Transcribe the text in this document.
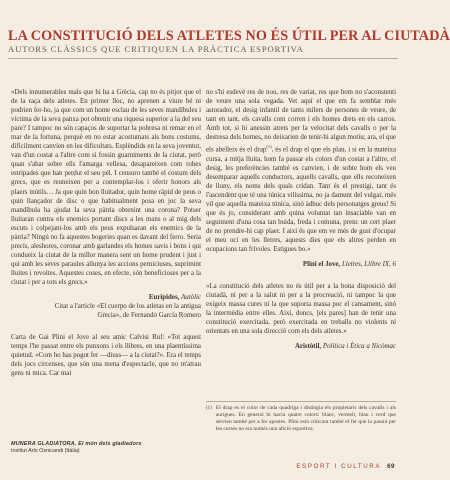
LA CONSTITUCIÓ DELS ATLETES NO ÉS ÚTIL PER AL CIUTADÀ
AUTORS CLÀSSICS QUE CRITIQUEN LA PRÀCTICA ESPORTIVA

«Dels innumerables mals que hi ha a Grècia, cap no és pitjor que el de la raça dels atletes. En primer lloc, no aprenen a viure bé ni podrien fer-ho, ja que com un home esclau de les seves mandíbules i víctima de la seva panxa pot obtenir una riquesa superior a la del seu pare? I tampoc no són capaços de suportar la pobresa ni remar en el mar de la fortuna, perquè en no estar acostumats als bons costums, difícilment canvien en les dificultats. Esplèndids en la seva joventut, van d'un costat a l'altre com si fossin guarniments de la ciutat, però quan s'abat sobre ells l'amarga vellesa, desapareixen com robes estripades que han perdut el seu pèl. I censuro també el costum dels grecs, que es reuneixen per a contemplar-los i oferir honors als plaers inútils… Ja que quin bon lluitador, quin home ràpid de peus o quin llançador de disc o que habitualment posa en joc la seva mandíbula ha ajudat la seva pàtria obtenint una corona? Potser lluitaran contra els enemics portant discs a les mans o al mig dels escuts i colpejant-los amb els peus expulsaran els enemics de la pàtria? Ningú no fa aquestes bogeries quan es davant del ferro. Seria precís, aleshores, coronar amb garlandes els homes savis i bons i qui condueix la ciutat de la millor manera sent un home prudent i just i qui amb les seves paraules allunya les accions perniciuses, suprimint lluites i revoltes. Aquestes coses, en efecte, són beneficioses per a la ciutat i per a tots els grecs.»

Eurípides, Autòlic
Citat a l'article «El cuerpo de los atletas en la antigua
Grecia», de Fernando García Romero

Carta de Gai Plini el Jove al seu amic Calvisi Ruf: «Tot aquest temps l'he passat entre els punxons i els llibres, en una plaentíssima quietud. «Com ho has pogut fer —diuss— a la ciutat?». Era el temps dels jocs circenses, que són una mena d'espectacle, que no m'atrau gens ni mica. Car mai

MUNERA GLADIATORA. El món dels gladiadors
Institut Arts Osnicandi (Itàlia)

no s'hi esdevé res de nou, res de variat, res que hom no s'aconstenti de veure una sola vegada. Vet aquí el que em fa semblar més astorador, el desig infantil de tants milers de persones de veure, de tant en tant, els cavalls com corren i els homes drets en els carros. Amb tot, si hi anessin atrets per la velocitat dels cavalls o per la destresa dels homes, no deixarien de tenir-hi algun motiu; ara, el que els abelleix és el drap$^{(1)}$, és el drap el que els plau, i si en la mateixa cursa, a mitja lluita, hom fa passar els colors d'un costat a l'altre, el desig, les preferències també es canvien, i de sobte hom els veu desemparar aquells conductors, aquells cavalls, que ells reconeixen de lluny, els noms dels quals cridan. Tant és el prestigi, tant és l'ascendent que té una túnica vilíssima, no ja damunt del vulgar, més vil que aquella mateixa túnica, sinó àdhuc dels personatges greus! Si que és jo, considerant amb quina voluntat tan insaciable van en seguiment d'una cosa tan buida, freda i comuna, prenc un cert plaer de no prendre-hi cap plaer. I així és que em ve més de gust d'ocupar el meu oci en les lletres, aquests dies que els altres perden en ocupacions tan frívoles. Estigues bo.»

Plini el Jove, Lletres, Llibre IX, 6

«La constitució dels atletes no és útil per a la bona disposició del ciutadà, ni per a la salut ni per a la procreació, ni tampoc la que exigeix massa cures ni la que suporta massa poc el cansament, sinó la intermèdia entre elles. Així, doncs, [els pares] han de tenir una constitució exercitada, però exercitada en treballs no violents ni orientats en una sola direcció com els dels atletes.»

Aristòtil, Política i Ètica a Nicòmac
(1) El drap és el color de cada quadriga i distingia els propietaris dels cavalls i als aurigues. En general hi havia quatre colors: blanc, vermell, blau i verd que servien també per a fer apostes. Plini està criticant també el fet que la passió per les curses no era només una afició esportiva.
ESPORT I CULTURA 69
